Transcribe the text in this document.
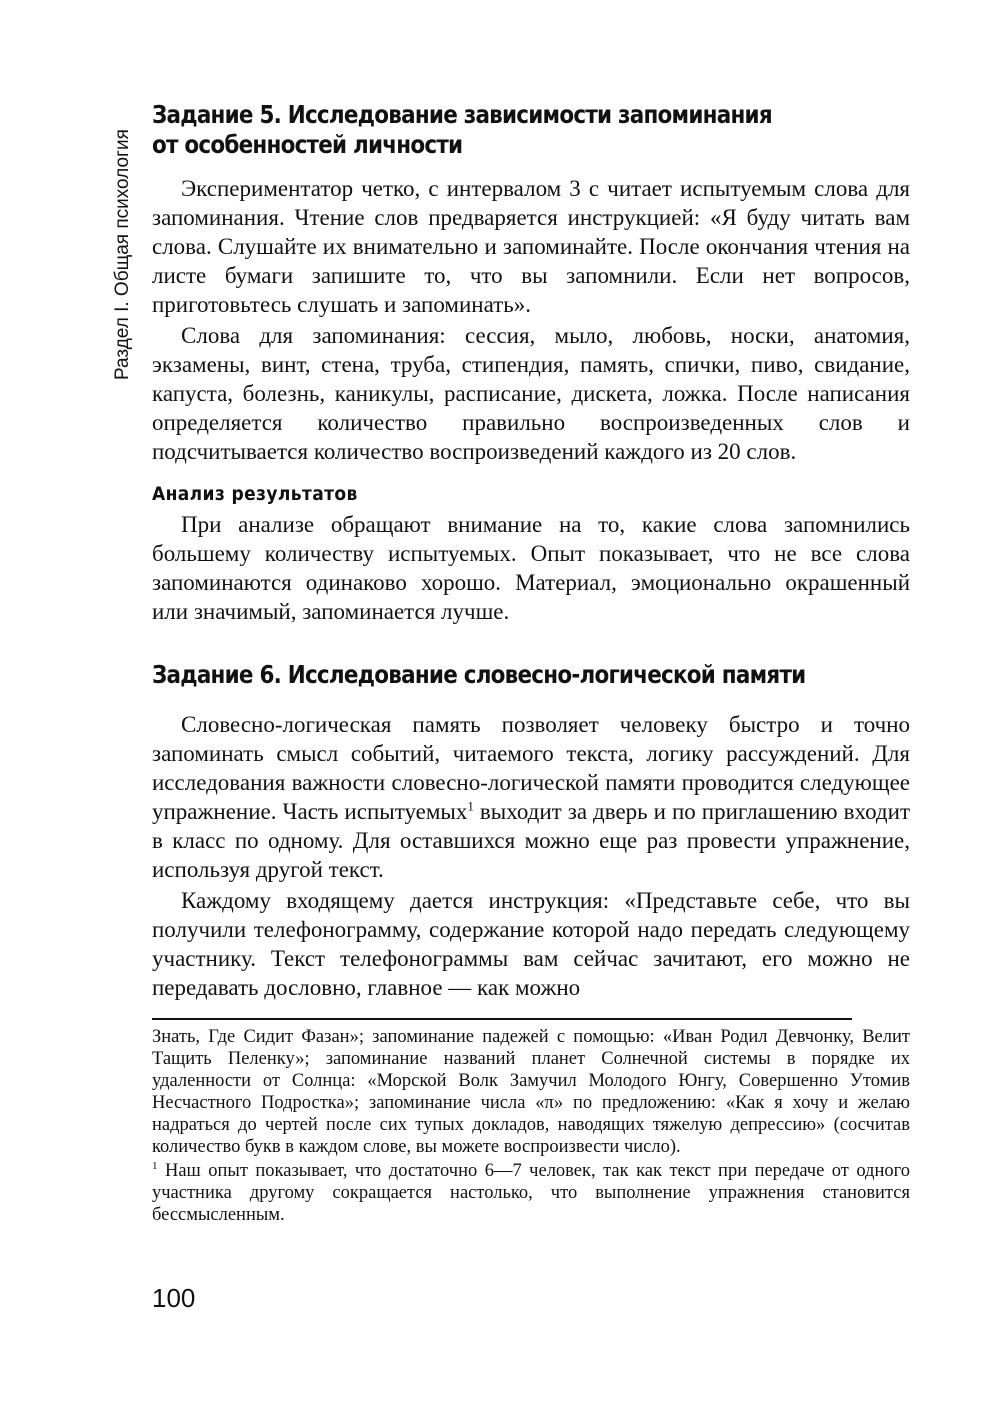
Раздел I. Общая психология
Задание 5. Исследование зависимости запоминания
от особенностей личности

Экспериментатор четко, с интервалом 3 с читает испытуемым слова для запоминания. Чтение слов предваряется инструкцией: «Я буду читать вам слова. Слушайте их внимательно и запоминайте. После окончания чтения на листе бумаги запишите то, что вы запомнили. Если нет вопросов, приготовьтесь слушать и запоминать».

Слова для запоминания: сессия, мыло, любовь, носки, анатомия, экзамены, винт, стена, труба, стипендия, память, спички, пиво, свидание, капуста, болезнь, каникулы, расписание, дискета, ложка. После написания определяется количество правильно воспроизведенных слов и подсчитывается количество воспроизведений каждого из 20 слов.

Анализ результатов

При анализе обращают внимание на то, какие слова запомнились большему количеству испытуемых. Опыт показывает, что не все слова запоминаются одинаково хорошо. Материал, эмоционально окрашенный или значимый, запоминается лучше.

Задание 6. Исследование словесно-логической памяти

Словесно-логическая память позволяет человеку быстро и точно запоминать смысл событий, читаемого текста, логику рассуждений. Для исследования важности словесно-логической памяти проводится следующее упражнение. Часть испытуемых$^1$ выходит за дверь и по приглашению входит в класс по одному. Для оставшихся можно еще раз провести упражнение, используя другой текст.

Каждому входящему дается инструкция: «Представьте себе, что вы получили телефонограмму, содержание которой надо передать следующему участнику. Текст телефонограммы вам сейчас зачитают, его можно не передавать дословно, главное — как можно

Знать, Где Сидит Фазан»; запоминание падежей с помощью: «Иван Родил Девчонку, Велит Тащить Пеленку»; запоминание названий планет Солнечной системы в порядке их удаленности от Солнца: «Морской Волк Замучил Молодого Юнгу, Совершенно Утомив Несчастного Подростка»; запоминание числа «π» по предложению: «Как я хочу и желаю надраться до чертей после сих тупых докладов, наводящих тяжелую депрессию» (сосчитав количество букв в каждом слове, вы можете воспроизвести число).

$^1$ Наш опыт показывает, что достаточно 6—7 человек, так как текст при передаче от одного участника другому сокращается настолько, что выполнение упражнения становится бессмысленным.

100
